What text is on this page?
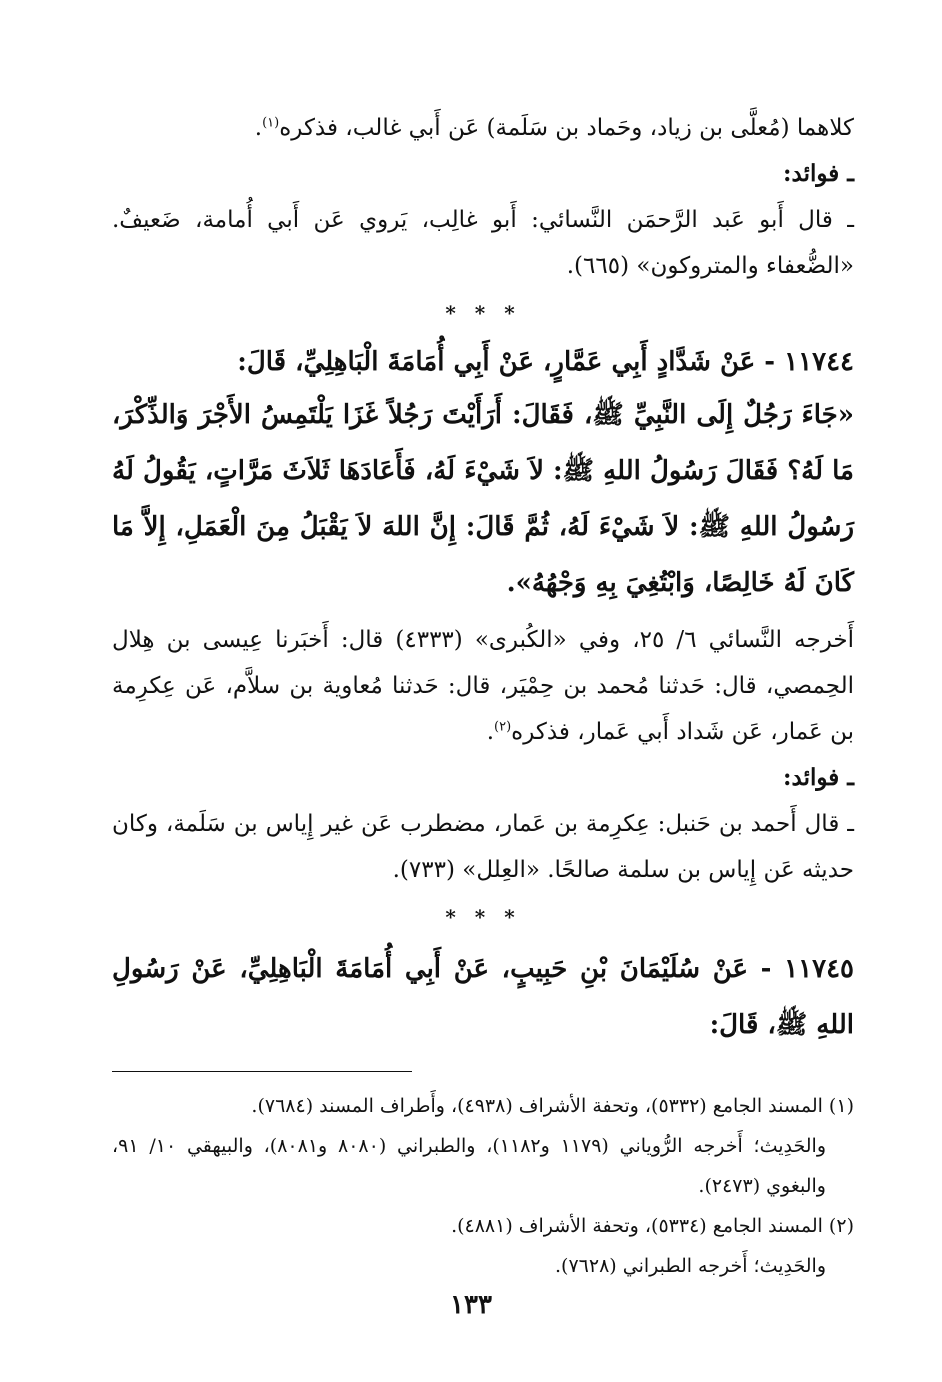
كلاهما (مُعلَّى بن زياد، وحَماد بن سَلَمة) عَن أَبي غالب، فذكره$^{(١)}$.

ـ فوائد:

ـ قال أَبو عَبد الرَّحمَن النَّسائي: أَبو غالِب، يَروي عَن أَبي أُمامة، ضَعيفٌ. «الضُّعفاء والمتروكون» (٦٦٥).

* * *

١١٧٤٤ - عَنْ شَدَّادٍ أَبِي عَمَّارٍ، عَنْ أَبِي أُمَامَةَ الْبَاهِلِيِّ، قَالَ:

«جَاءَ رَجُلٌ إِلَى النَّبِيِّ ﷺ، فَقَالَ: أَرَأَيْتَ رَجُلاً غَزَا يَلْتَمِسُ الأَجْرَ وَالذِّكْرَ، مَا لَهُ؟ فَقَالَ رَسُولُ اللهِ ﷺ: لاَ شَيْءَ لَهُ، فَأَعَادَهَا ثَلاَثَ مَرَّاتٍ، يَقُولُ لَهُ رَسُولُ اللهِ ﷺ: لاَ شَيْءَ لَهُ، ثُمَّ قَالَ: إِنَّ اللهَ لاَ يَقْبَلُ مِنَ الْعَمَلِ، إِلاَّ مَا كَانَ لَهُ خَالِصًا، وَابْتُغِيَ بِهِ وَجْهُهُ».

أَخرجه النَّسائي ٦/ ٢٥، وفي «الكُبرى» (٤٣٣٣) قال: أَخبَرنا عِيسى بن هِلال الحِمصي، قال: حَدثنا مُحمد بن حِمْيَر، قال: حَدثنا مُعاوية بن سلاَّم، عَن عِكرِمة بن عَمار، عَن شَداد أَبي عَمار، فذكره$^{(٢)}$.

ـ فوائد:

ـ قال أَحمد بن حَنبل: عِكرِمة بن عَمار، مضطرب عَن غير إِياس بن سَلَمة، وكان حديثه عَن إِياس بن سلمة صالحًا. «العِلل» (٧٣٣).

* * *

١١٧٤٥ - عَنْ سُلَيْمَانَ بْنِ حَبِيبٍ، عَنْ أَبِي أُمَامَةَ الْبَاهِلِيِّ، عَنْ رَسُولِ اللهِ ﷺ، قَالَ:

(١) المسند الجامع (٥٣٣٢)، وتحفة الأشراف (٤٩٣٨)، وأَطراف المسند (٧٦٨٤).

والحَدِيث؛ أَخرجه الرُّوياني (١١٧٩ و١١٨٢)، والطبراني (٨٠٨٠ و٨٠٨١)، والبيهقي ١٠/ ٩١، والبغوي (٢٤٧٣).

(٢) المسند الجامع (٥٣٣٤)، وتحفة الأشراف (٤٨٨١).

والحَدِيث؛ أَخرجه الطبراني (٧٦٢٨).

١٣٣
